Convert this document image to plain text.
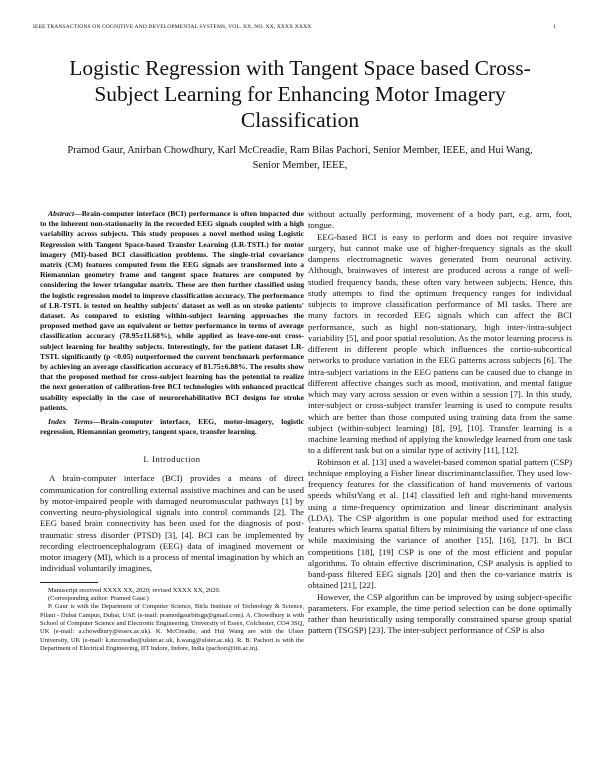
IEEE TRANSACTIONS ON COGNITIVE AND DEVELOPMENTAL SYSTEMS, VOL. XX, NO. XX, XXXX XXXX	1
Logistic Regression with Tangent Space based Cross-Subject Learning for Enhancing Motor Imagery Classification
Pramod Gaur, Anirban Chowdhury, Karl McCreadie, Ram Bilas Pachori, Senior Member, IEEE, and Hui Wang, Senior Member, IEEE,

Abstract—Brain-computer interface (BCI) performance is often impacted due to the inherent non-stationarity in the recorded EEG signals coupled with a high variability across subjects. This study proposes a novel method using Logistic Regression with Tangent Space-based Transfer Learning (LR-TSTL) for motor imagery (MI)-based BCI classification problems. The single-trial covariance matrix (CM) features computed from the EEG signals are transformed into a Riemannian geometry frame and tangent space features are computed by considering the lower triangular matrix. These are then further classified using the logistic regression model to improve classification accuracy. The performance of LR-TSTL is tested on healthy subjects' dataset as well as on stroke patients' dataset. As compared to existing within-subject learning approaches the proposed method gave an equivalent or better performance in terms of average classification accuracy (78.95±11.68%), while applied as leave-one-out cross-subject learning for healthy subjects. Interestingly, for the patient dataset LR-TSTL significantly (p <0.05) outperformed the current benchmark performance by achieving an average classification accuracy of 81.75±6.88%. The results show that the proposed method for cross-subject learning has the potential to realize the next generation of calibration-free BCI technologies with enhanced practical usability especially in the case of neurorehabilitative BCI designs for stroke patients.

Index Terms—Brain-computer interface, EEG, motor-imagery, logistic regression, Riemannian geometry, tangent space, transfer learning.

I. Introduction

A brain-computer interface (BCI) provides a means of direct communication for controlling external assistive machines and can be used by motor-impaired people with damaged neuromuscular pathways [1] by converting neuro-physiological signals into control commands [2]. The EEG based brain connectivity has been used for the diagnosis of post-traumatic stress disorder (PTSD) [3], [4]. BCI can be implemented by recording electroencephalogram (EEG) data of imagined movement or motor imagery (MI), which is a process of mental imagination by which an individual voluntarily imagines,

Manuscript received XXXX XX, 2020; revised XXXX XX, 2020.

(Corresponding author: Pramod Gaur.)

P. Gaur is with the Department of Computer Science, Birla Institute of Technology & Science, Pilani - Dubai Campus, Dubai, UAE (e-mail: pramodgaurbitsgp@gmail.com). A. Chowdhury is with School of Computer Science and Electronic Engineering, University of Essex, Colchester, CO4 3SQ, UK (e-mail: a.chowdhury@essex.ac.uk). K. McCreadie, and Hui Wang are with the Ulster University, UK (e-mail: k.mccreadie@ulster.ac.uk, h.wang@ulster.ac.uk). R. B. Pachori is with the Department of Electrical Engineering, IIT Indore, Indore, India (pachori@iiti.ac.in).

without actually performing, movement of a body part, e.g. arm, foot, tongue.

EEG-based BCI is easy to perform and does not require invasive surgery, but cannot make use of higher-frequency signals as the skull dampens electromagnetic waves generated from neuronal activity. Although, brainwaves of interest are produced across a range of well-studied frequency bands, these often vary between subjects. Hence, this study attempts to find the optimum frequency ranges for individual subjects to improve classification performance of MI tasks. There are many factors in recorded EEG signals which can affect the BCI performance, such as highl non-stationary, high inter-/intra-subject variability [5], and poor spatial resolution. As the motor learning process is different in different people which influences the cortio-subcortical networks to produce variation in the EEG patterns across subjects [6]. The intra-subject variations in the EEG pattens can be caused due to change in different affective changes such as mood, motivation, and mental fatigue which may vary across session or even within a session [7]. In this study, inter-subject or cross-subject transfer learning is used to compute results which are better than those computed using training data from the same subject (within-subject learning) [8], [9], [10]. Transfer learning is a machine learning method of applying the knowledge learned from one task to a different task but on a similar type of activity [11], [12].

Robinson et al. [13] used a wavelet-based common spatial pattern (CSP) technique employing a Fisher linear discriminantclassifier. They used low-frequency features for the classification of hand movements of various speeds whilstYang et al. [14] classified left and right-hand movements using a time-frequency optimization and linear discriminant analysis (LDA). The CSP algorithm is one popular method used for extracting features which learns spatial filters by minimising the variance of one class while maximising the variance of another [15], [16], [17]. In BCI competitions [18], [19] CSP is one of the most efficient and popular algorithms. To obtain effective discrimination, CSP analysis is applied to band-pass filtered EEG signals [20] and then the co-variance matrix is obtained [21], [22].

However, the CSP algorithm can be improved by using subject-specific parameters. For example, the time period selection can be done optimally rather than heuristically using temporally constrained sparse group spatial pattern (TSGSP) [23]. The inter-subject performance of CSP is also
